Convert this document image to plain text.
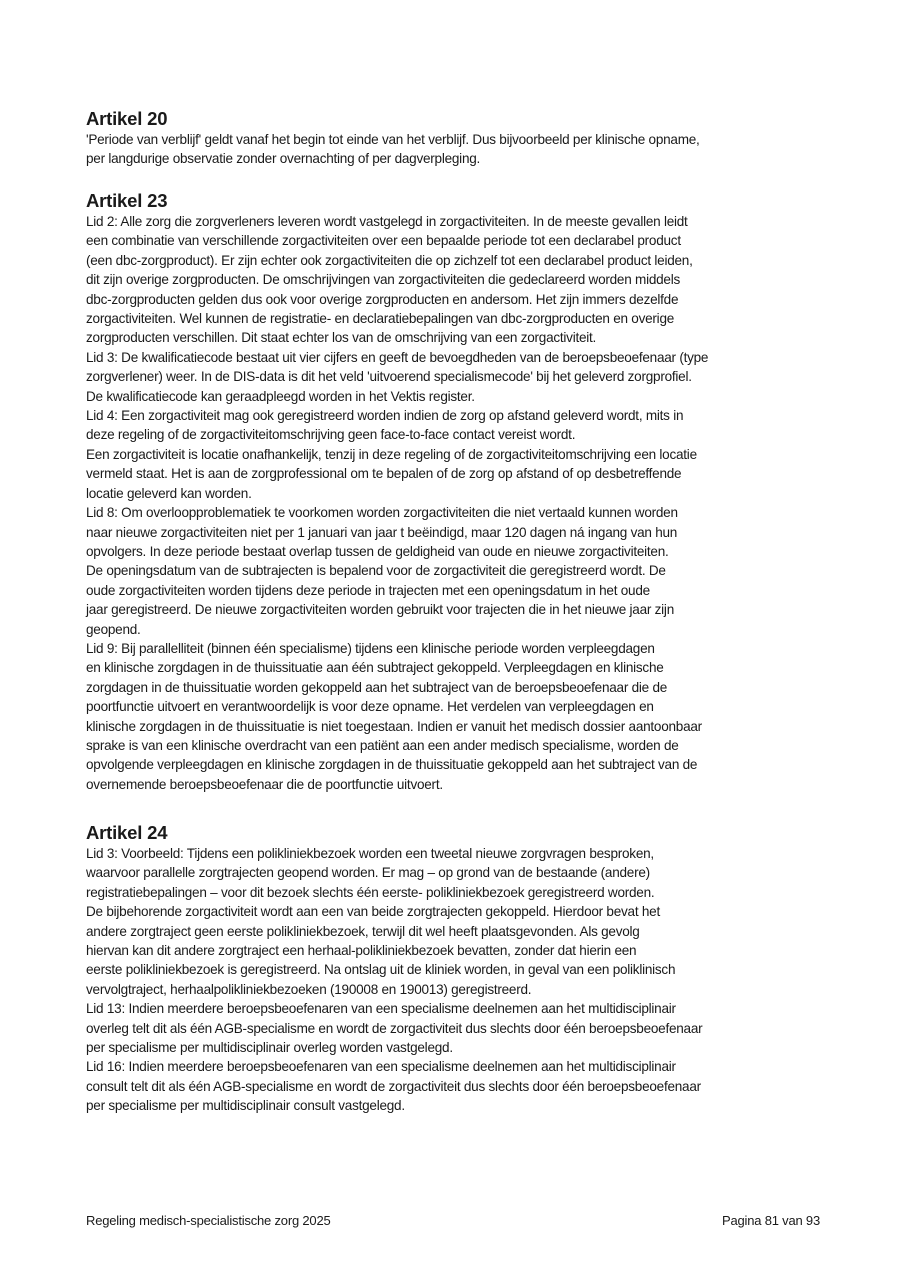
Artikel 20

'Periode van verblijf' geldt vanaf het begin tot einde van het verblijf. Dus bijvoorbeeld per klinische opname,

per langdurige observatie zonder overnachting of per dagverpleging.

Artikel 23

Lid 2: Alle zorg die zorgverleners leveren wordt vastgelegd in zorgactiviteiten. In de meeste gevallen leidt

een combinatie van verschillende zorgactiviteiten over een bepaalde periode tot een declarabel product

(een dbc-zorgproduct). Er zijn echter ook zorgactiviteiten die op zichzelf tot een declarabel product leiden,

dit zijn overige zorgproducten. De omschrijvingen van zorgactiviteiten die gedeclareerd worden middels

dbc-zorgproducten gelden dus ook voor overige zorgproducten en andersom. Het zijn immers dezelfde

zorgactiviteiten. Wel kunnen de registratie- en declaratiebepalingen van dbc-zorgproducten en overige

zorgproducten verschillen. Dit staat echter los van de omschrijving van een zorgactiviteit.

Lid 3: De kwalificatiecode bestaat uit vier cijfers en geeft de bevoegdheden van de beroepsbeoefenaar (type

zorgverlener) weer. In de DIS-data is dit het veld 'uitvoerend specialismecode' bij het geleverd zorgprofiel.

De kwalificatiecode kan geraadpleegd worden in het Vektis register.

Lid 4: Een zorgactiviteit mag ook geregistreerd worden indien de zorg op afstand geleverd wordt, mits in

deze regeling of de zorgactiviteitomschrijving geen face-to-face contact vereist wordt.

Een zorgactiviteit is locatie onafhankelijk, tenzij in deze regeling of de zorgactiviteitomschrijving een locatie

vermeld staat. Het is aan de zorgprofessional om te bepalen of de zorg op afstand of op desbetreffende

locatie geleverd kan worden.

Lid 8: Om overloopproblematiek te voorkomen worden zorgactiviteiten die niet vertaald kunnen worden

naar nieuwe zorgactiviteiten niet per 1 januari van jaar t beëindigd, maar 120 dagen ná ingang van hun

opvolgers. In deze periode bestaat overlap tussen de geldigheid van oude en nieuwe zorgactiviteiten.

De openingsdatum van de subtrajecten is bepalend voor de zorgactiviteit die geregistreerd wordt. De

oude zorgactiviteiten worden tijdens deze periode in trajecten met een openingsdatum in het oude

jaar geregistreerd. De nieuwe zorgactiviteiten worden gebruikt voor trajecten die in het nieuwe jaar zijn

geopend.

Lid 9: Bij parallelliteit (binnen één specialisme) tijdens een klinische periode worden verpleegdagen

en klinische zorgdagen in de thuissituatie aan één subtraject gekoppeld. Verpleegdagen en klinische

zorgdagen in de thuissituatie worden gekoppeld aan het subtraject van de beroepsbeoefenaar die de

poortfunctie uitvoert en verantwoordelijk is voor deze opname. Het verdelen van verpleegdagen en

klinische zorgdagen in de thuissituatie is niet toegestaan. Indien er vanuit het medisch dossier aantoonbaar

sprake is van een klinische overdracht van een patiënt aan een ander medisch specialisme, worden de

opvolgende verpleegdagen en klinische zorgdagen in de thuissituatie gekoppeld aan het subtraject van de

overnemende beroepsbeoefenaar die de poortfunctie uitvoert.

Artikel 24

Lid 3: Voorbeeld: Tijdens een polikliniekbezoek worden een tweetal nieuwe zorgvragen besproken,

waarvoor parallelle zorgtrajecten geopend worden. Er mag – op grond van de bestaande (andere)

registratiebepalingen – voor dit bezoek slechts één eerste- polikliniekbezoek geregistreerd worden.

De bijbehorende zorgactiviteit wordt aan een van beide zorgtrajecten gekoppeld. Hierdoor bevat het

andere zorgtraject geen eerste polikliniekbezoek, terwijl dit wel heeft plaatsgevonden. Als gevolg

hiervan kan dit andere zorgtraject een herhaal-polikliniekbezoek bevatten, zonder dat hierin een

eerste polikliniekbezoek is geregistreerd. Na ontslag uit de kliniek worden, in geval van een poliklinisch

vervolgtraject, herhaalpolikliniekbezoeken (190008 en 190013) geregistreerd.

Lid 13: Indien meerdere beroepsbeoefenaren van een specialisme deelnemen aan het multidisciplinair

overleg telt dit als één AGB-specialisme en wordt de zorgactiviteit dus slechts door één beroepsbeoefenaar

per specialisme per multidisciplinair overleg worden vastgelegd.

Lid 16: Indien meerdere beroepsbeoefenaren van een specialisme deelnemen aan het multidisciplinair

consult telt dit als één AGB-specialisme en wordt de zorgactiviteit dus slechts door één beroepsbeoefenaar

per specialisme per multidisciplinair consult vastgelegd.

Regeling medisch-specialistische zorg 2025	Pagina 81 van 93
